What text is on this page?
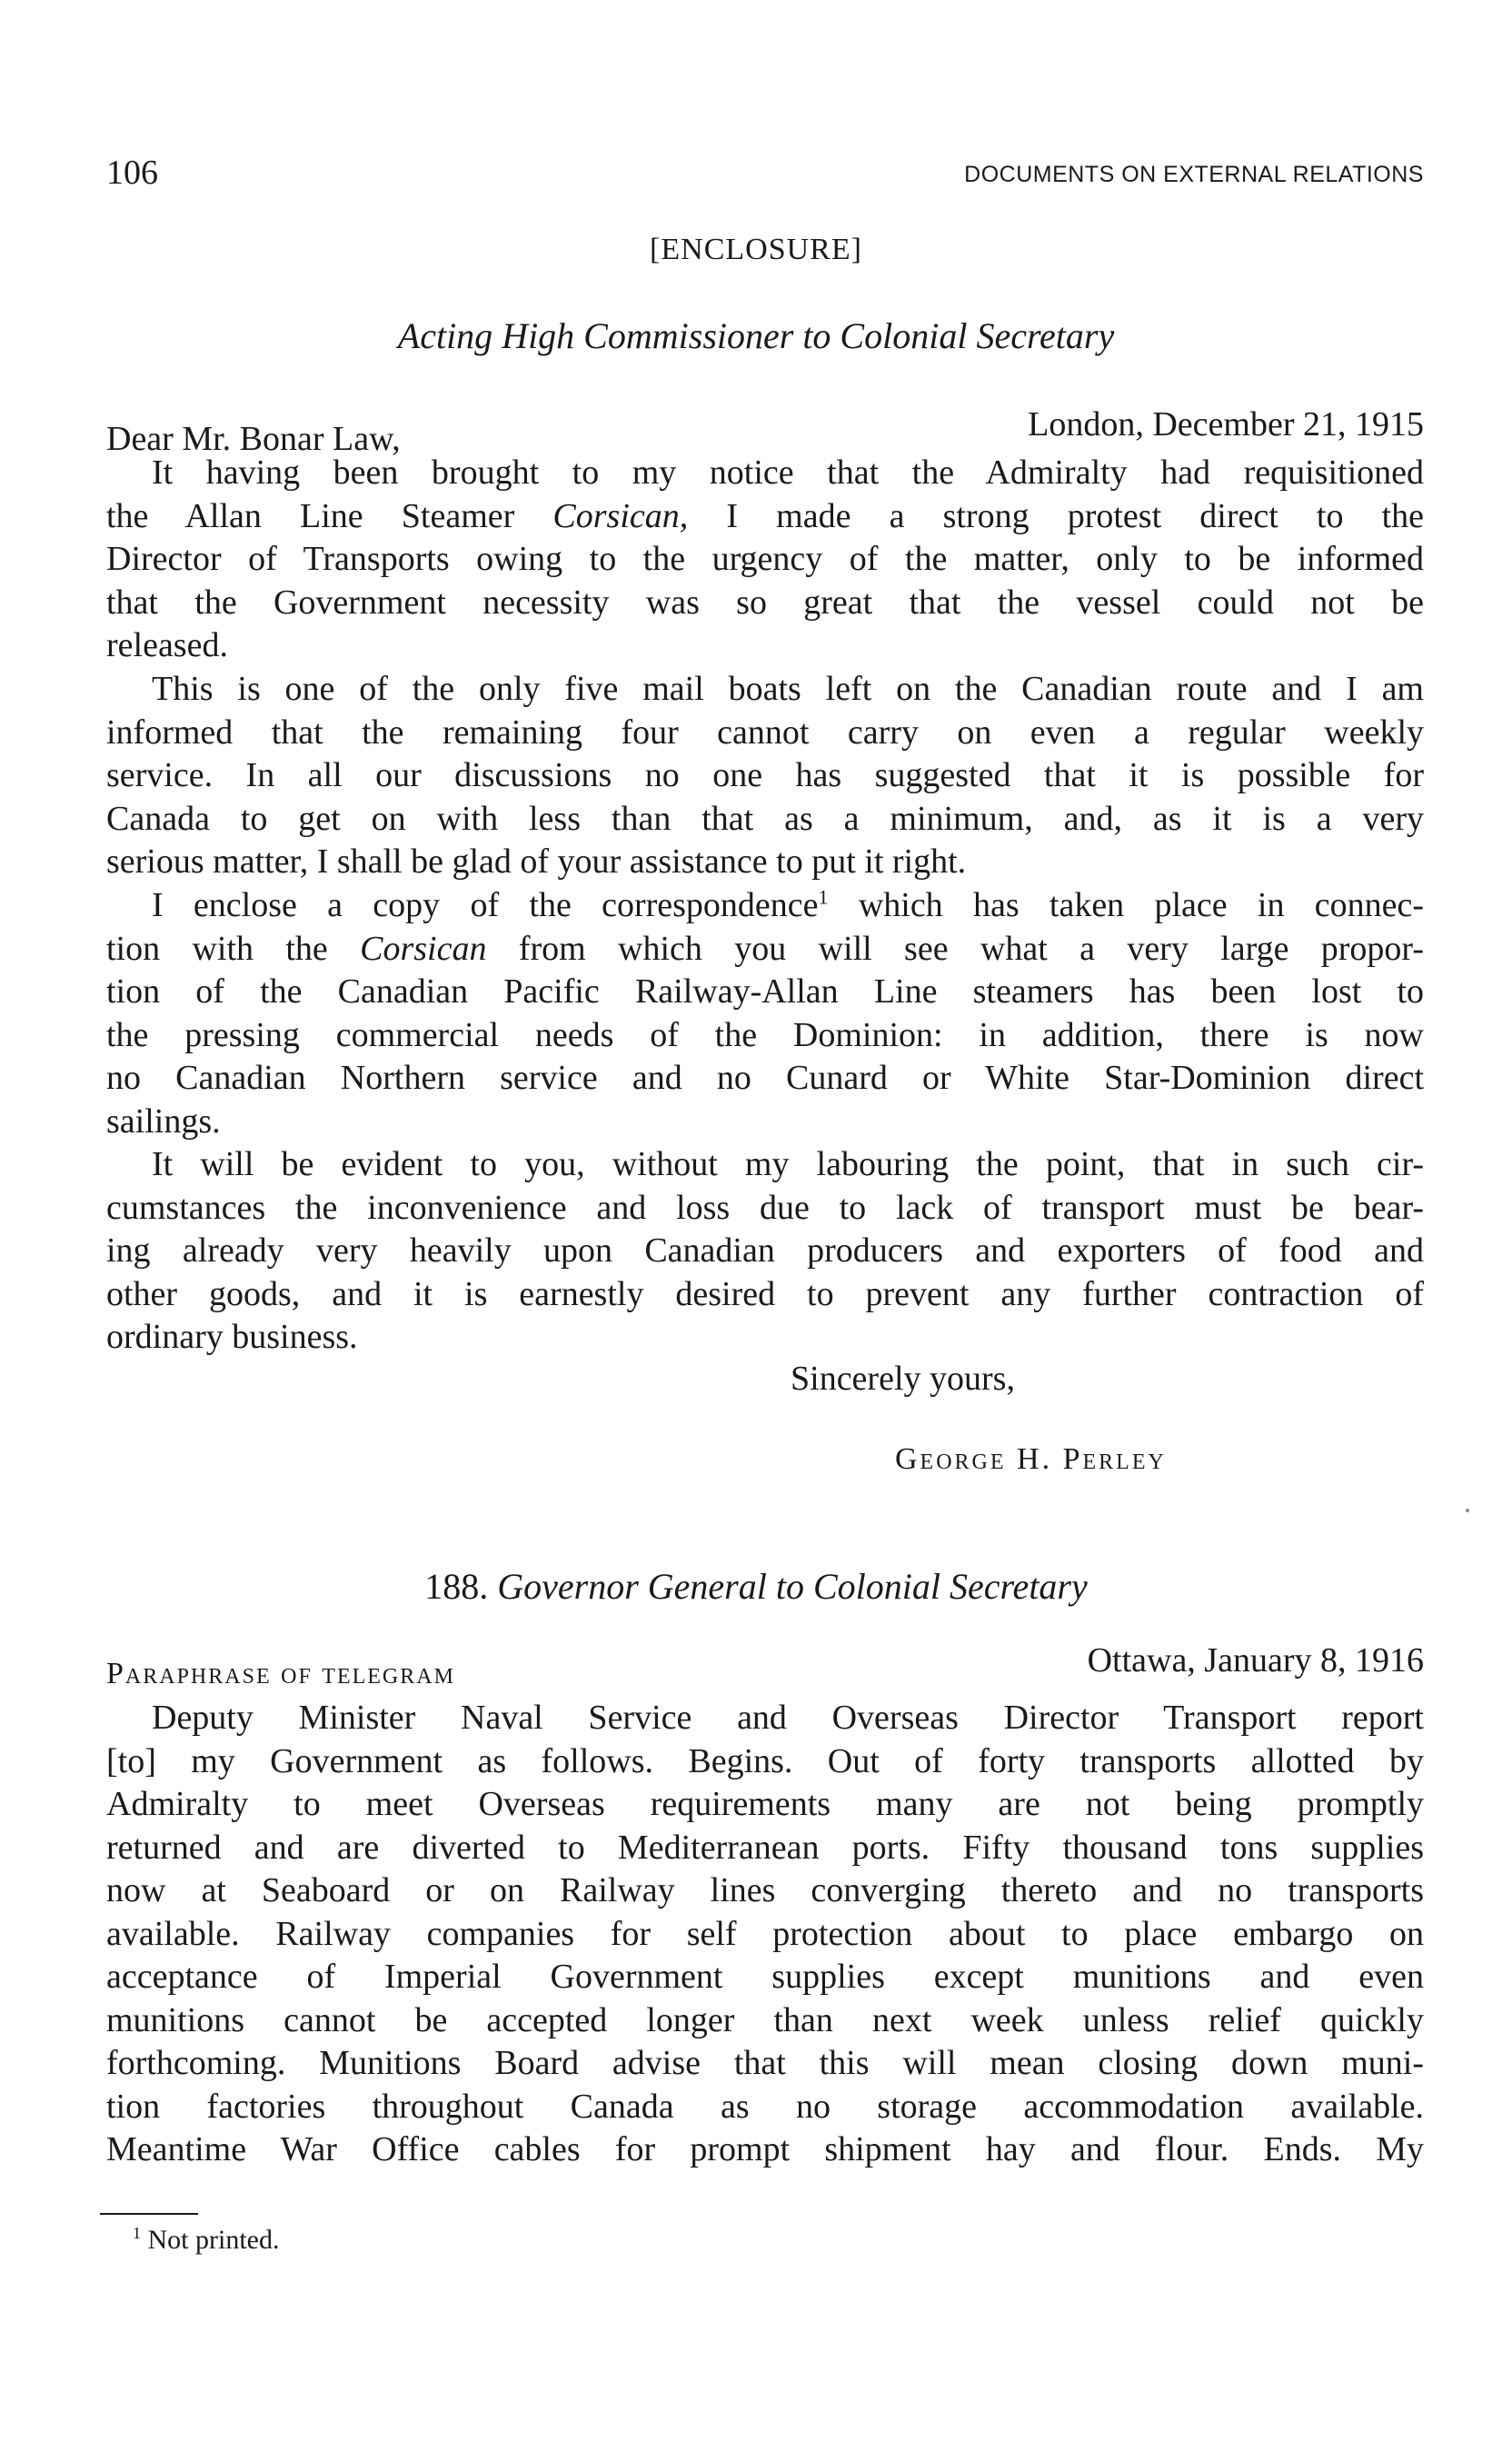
106	DOCUMENTS ON EXTERNAL RELATIONS
[ENCLOSURE]
Acting High Commissioner to Colonial Secretary
Dear Mr. Bonar Law,	London, December 21, 1915
It having been brought to my notice that the Admiralty had requisitioned
the Allan Line Steamer Corsican, I made a strong protest direct to the
Director of Transports owing to the urgency of the matter, only to be informed
that the Government necessity was so great that the vessel could not be
released.
This is one of the only five mail boats left on the Canadian route and I am
informed that the remaining four cannot carry on even a regular weekly
service. In all our discussions no one has suggested that it is possible for
Canada to get on with less than that as a minimum, and, as it is a very
serious matter, I shall be glad of your assistance to put it right.
I enclose a copy of the correspondence$^1$ which has taken place in connec-
tion with the Corsican from which you will see what a very large propor-
tion of the Canadian Pacific Railway-Allan Line steamers has been lost to
the pressing commercial needs of the Dominion: in addition, there is now
no Canadian Northern service and no Cunard or White Star-Dominion direct
sailings.
It will be evident to you, without my labouring the point, that in such cir-
cumstances the inconvenience and loss due to lack of transport must be bear-
ing already very heavily upon Canadian producers and exporters of food and
other goods, and it is earnestly desired to prevent any further contraction of
ordinary business.
Sincerely yours,
George H. Perley
188. Governor General to Colonial Secretary
Paraphrase of telegram	Ottawa, January 8, 1916
Deputy Minister Naval Service and Overseas Director Transport report
[to] my Government as follows. Begins. Out of forty transports allotted by
Admiralty to meet Overseas requirements many are not being promptly
returned and are diverted to Mediterranean ports. Fifty thousand tons supplies
now at Seaboard or on Railway lines converging thereto and no transports
available. Railway companies for self protection about to place embargo on
acceptance of Imperial Government supplies except munitions and even
munitions cannot be accepted longer than next week unless relief quickly
forthcoming. Munitions Board advise that this will mean closing down muni-
tion factories throughout Canada as no storage accommodation available.
Meantime War Office cables for prompt shipment hay and flour. Ends. My
$^1$ Not printed.
